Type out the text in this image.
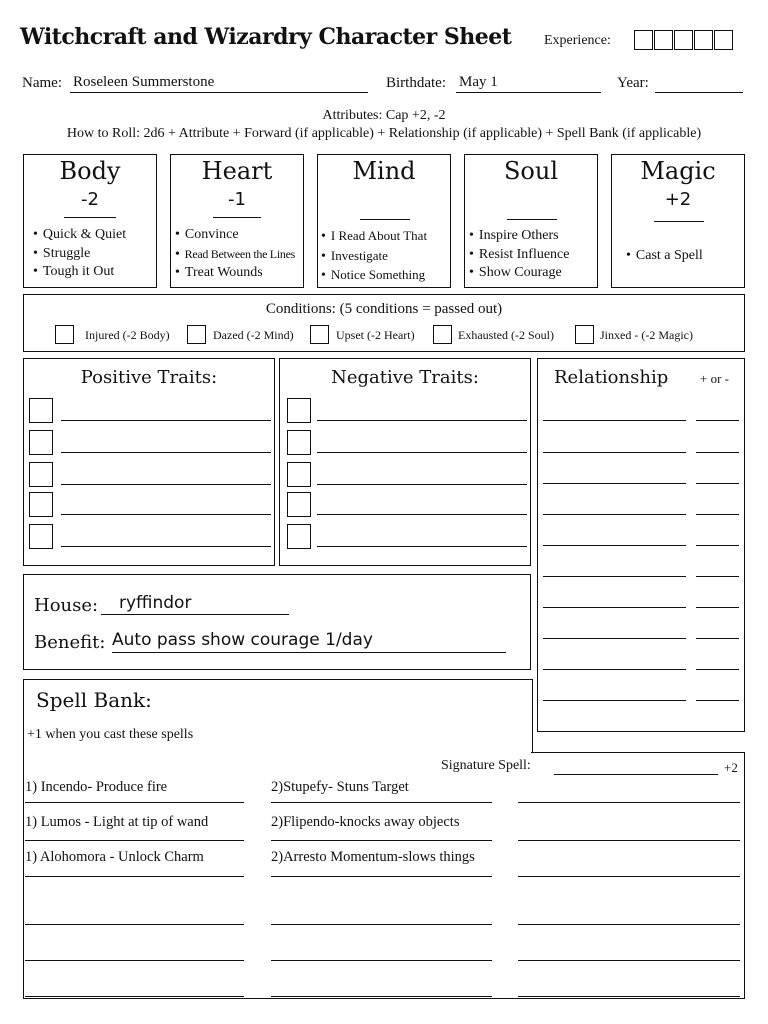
Witchcraft and Wizardry Character Sheet Experience:
Name: Roseleen Summerstone	Birthdate: May 1	Year:
Attributes: Cap +2, -2
How to Roll: 2d6 + Attribute + Forward (if applicable) + Relationship (if applicable) + Spell Bank (if applicable)
Body
-2
• Quick & Quiet
• Struggle
• Tough it Out
Heart
-1
• Convince
• Read Between the Lines
• Treat Wounds
Mind
• I Read About That
• Investigate
• Notice Something
Soul
• Inspire Others
• Resist Influence
• Show Courage
Magic
+2
• Cast a Spell
Conditions: (5 conditions = passed out)
Injured (-2 Body)	Dazed (-2 Mind)	Upset (-2 Heart)	Exhausted (-2 Soul)	Jinxed - (-2 Magic)
Positive Traits:	Negative Traits:	Relationship + or -
House:	ryffindor
Benefit: Auto pass show courage 1/day
Spell Bank:
+1 when you cast these spells
Signature Spell:	+2
1) Incendo- Produce fire
1) Lumos - Light at tip of wand
1) Alohomora - Unlock Charm
2)Stupefy- Stuns Target
2)Flipendo-knocks away objects
2)Arresto Momentum-slows things
